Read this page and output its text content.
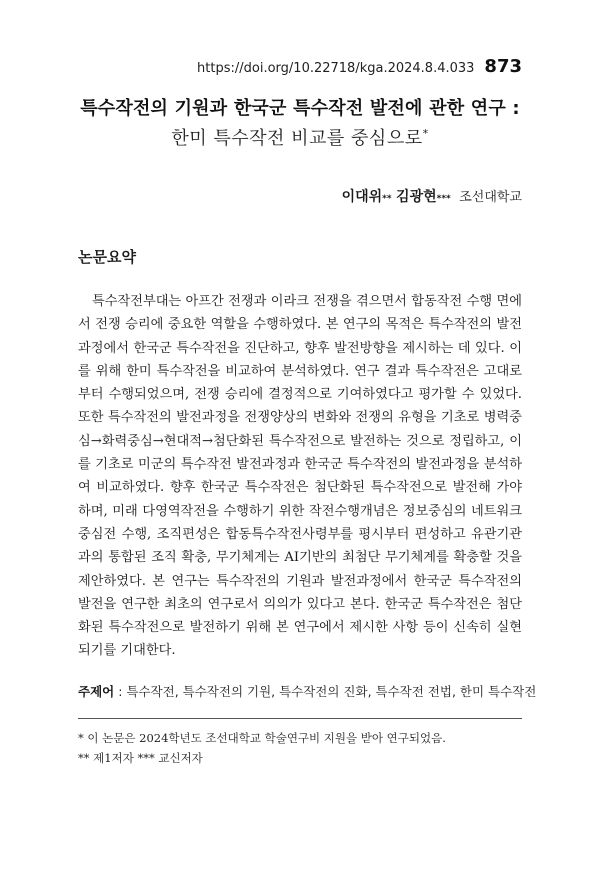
https://doi.org/10.22718/kga.2024.8.4.033 873
특수작전의 기원과 한국군 특수작전 발전에 관한 연구 :
한미 특수작전 비교를 중심으로*
이대위** 김광현*** 조선대학교
논문요약

특수작전부대는 아프간 전쟁과 이라크 전쟁을 겪으면서 합동작전 수행 면에서 전쟁 승리에 중요한 역할을 수행하였다. 본 연구의 목적은 특수작전의 발전과정에서 한국군 특수작전을 진단하고, 향후 발전방향을 제시하는 데 있다. 이를 위해 한미 특수작전을 비교하여 분석하였다. 연구 결과 특수작전은 고대로부터 수행되었으며, 전쟁 승리에 결정적으로 기여하였다고 평가할 수 있었다. 또한 특수작전의 발전과정을 전쟁양상의 변화와 전쟁의 유형을 기초로 병력중심→화력중심→현대적→첨단화된 특수작전으로 발전하는 것으로 정립하고, 이를 기초로 미군의 특수작전 발전과정과 한국군 특수작전의 발전과정을 분석하여 비교하였다. 향후 한국군 특수작전은 첨단화된 특수작전으로 발전해 가야 하며, 미래 다영역작전을 수행하기 위한 작전수행개념은 정보중심의 네트워크중심전 수행, 조직편성은 합동특수작전사령부를 평시부터 편성하고 유관기관과의 통합된 조직 확충, 무기체계는 AI기반의 최첨단 무기체계를 확충할 것을 제안하였다. 본 연구는 특수작전의 기원과 발전과정에서 한국군 특수작전의 발전을 연구한 최초의 연구로서 의의가 있다고 본다. 한국군 특수작전은 첨단화된 특수작전으로 발전하기 위해 본 연구에서 제시한 사항 등이 신속히 실현되기를 기대한다.

주제어 : 특수작전, 특수작전의 기원, 특수작전의 진화, 특수작전 전법, 한미 특수작전
* 이 논문은 2024학년도 조선대학교 학술연구비 지원을 받아 연구되었음.
** 제1저자 *** 교신저자
